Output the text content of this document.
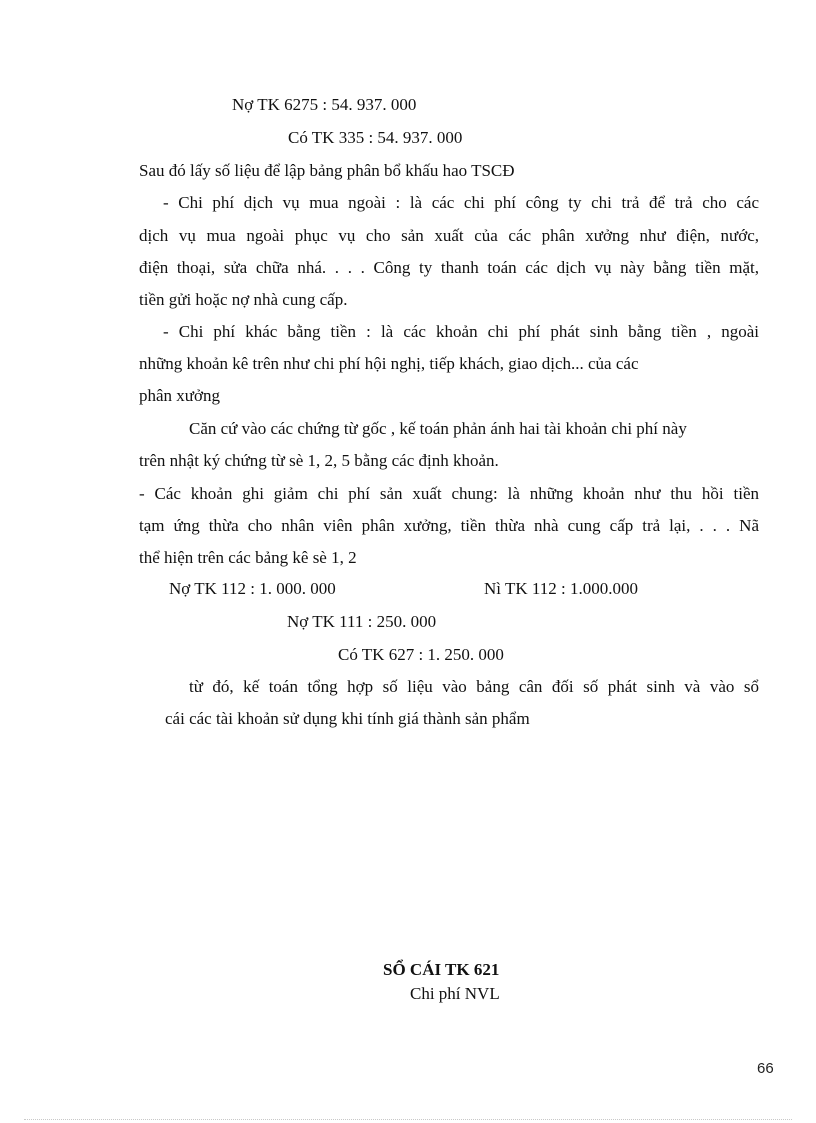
Nợ TK 6275 : 54. 937. 000
Có TK 335 : 54. 937. 000
Sau đó lấy số liệu để lập bảng phân bổ khấu hao TSCĐ
- Chi phí dịch vụ mua ngoài : là các chi phí công ty chi trả để trả cho các
dịch vụ mua ngoài phục vụ cho sản xuất của các phân xưởng như điện, nước,
điện thoại, sửa chữa nhá. . . . Công ty thanh toán các dịch vụ này bằng tiền mặt,
tiền gửi hoặc nợ nhà cung cấp.
- Chi phí khác bằng tiền : là các khoản chi phí phát sinh bằng tiền , ngoài
những khoản kê trên như chi phí hội nghị, tiếp khách, giao dịch... của các
phân xưởng
Căn cứ vào các chứng từ gốc , kế toán phản ánh hai tài khoản chi phí này
trên nhật ký chứng từ sè 1, 2, 5 bằng các định khoản.
- Các khoản ghi giảm chi phí sản xuất chung: là những khoản như thu hồi tiền
tạm ứng thừa cho nhân viên phân xưởng, tiền thừa nhà cung cấp trả lại, . . . Nã
thể hiện trên các bảng kê sè 1, 2
Nợ TK 112 : 1. 000. 000	Nì TK 112 : 1.000.000
Nợ TK 111 : 250. 000
Có TK 627 : 1. 250. 000
từ đó, kế toán tổng hợp số liệu vào bảng cân đối số phát sinh và vào sổ
cái các tài khoản sử dụng khi tính giá thành sản phẩm
SỔ CÁI TK 621
Chi phí NVL
66
